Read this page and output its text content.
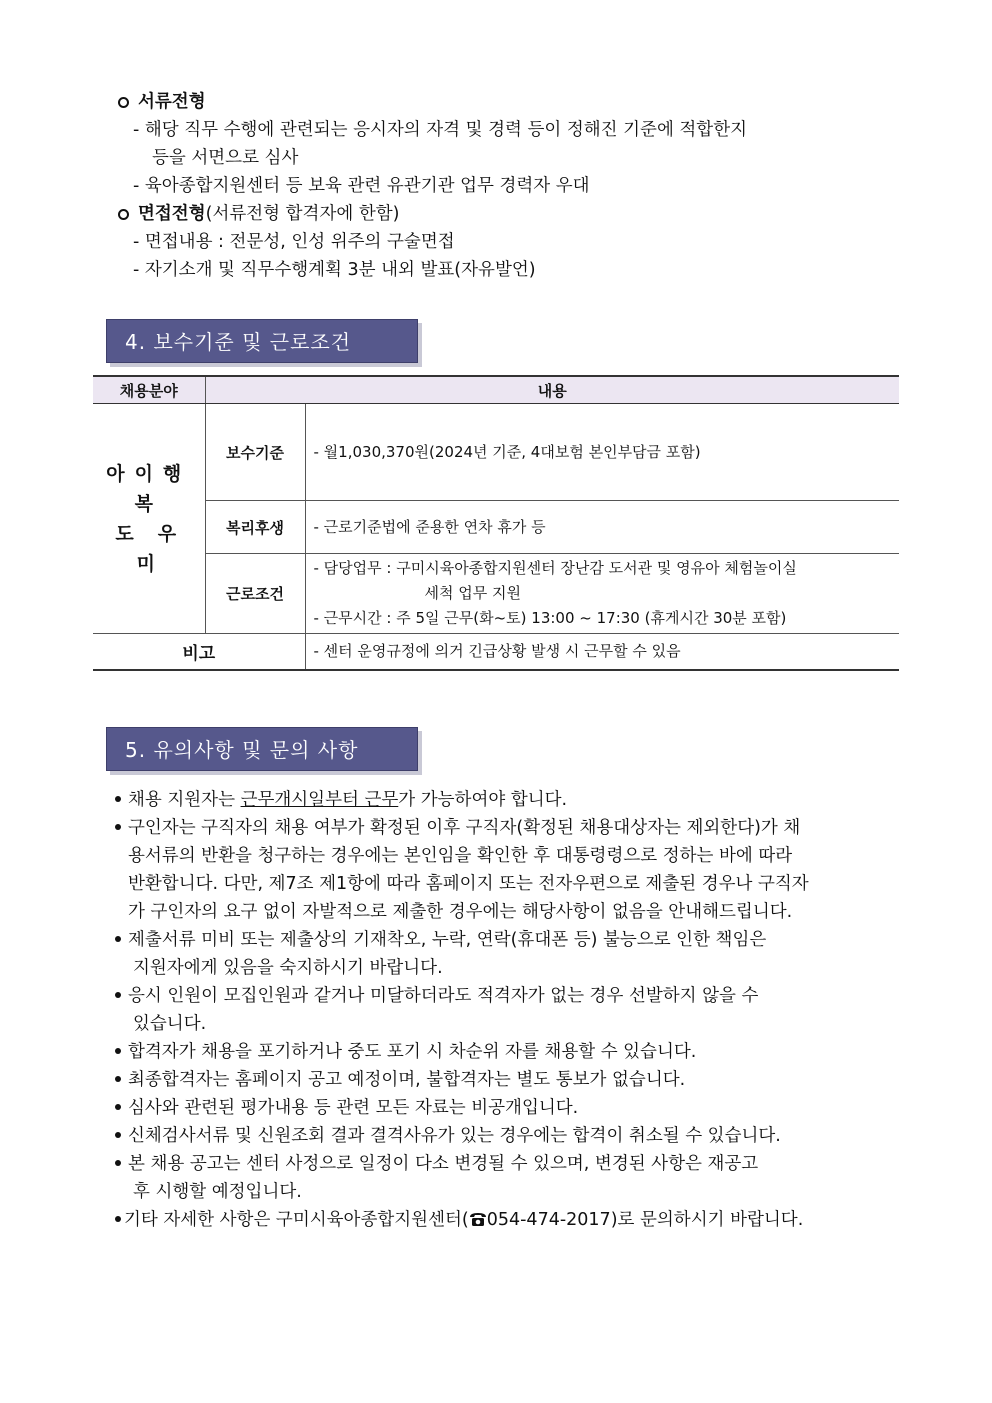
서류전형
- 해당 직무 수행에 관련되는 응시자의 자격 및 경력 등이 정해진 기준에 적합한지
등을 서면으로 심사
- 육아종합지원센터 등 보육 관련 유관기관 업무 경력자 우대
면접전형(서류전형 합격자에 한함)
- 면접내용 : 전문성, 인성 위주의 구술면접
- 자기소개 및 직무수행계획 3분 내외 발표(자유발언)
4. 보수기준 및 근로조건
채용분야	내용	

아이행복
도우미	보수기준	- 월1,030,370원(2024년 기준, 4대보험 본인부담금 포함)
	복리후생	- 근로기준법에 준용한 연차 휴가 등
	근로조건	- 담당업무 : 구미시육아종합지원센터 장난감 도서관 및 영유아 체험놀이실
세척 업무 지원
- 근무시간 : 주 5일 근무(화~토) 13:00 ~ 17:30 (휴게시간 30분 포함)

비고		- 센터 운영규정에 의거 긴급상황 발생 시 근무할 수 있음
5. 유의사항 및 문의 사항
채용 지원자는 근무개시일부터 근무가 가능하여야 합니다.
구인자는 구직자의 채용 여부가 확정된 이후 구직자(확정된 채용대상자는 제외한다)가 채
용서류의 반환을 청구하는 경우에는 본인임을 확인한 후 대통령령으로 정하는 바에 따라
반환합니다. 다만, 제7조 제1항에 따라 홈페이지 또는 전자우편으로 제출된 경우나 구직자
가 구인자의 요구 없이 자발적으로 제출한 경우에는 해당사항이 없음을 안내해드립니다.
제출서류 미비 또는 제출상의 기재착오, 누락, 연락(휴대폰 등) 불능으로 인한 책임은
지원자에게 있음을 숙지하시기 바랍니다.
응시 인원이 모집인원과 같거나 미달하더라도 적격자가 없는 경우 선발하지 않을 수
있습니다.
합격자가 채용을 포기하거나 중도 포기 시 차순위 자를 채용할 수 있습니다.
최종합격자는 홈페이지 공고 예정이며, 불합격자는 별도 통보가 없습니다.
심사와 관련된 평가내용 등 관련 모든 자료는 비공개입니다.
신체검사서류 및 신원조회 결과 결격사유가 있는 경우에는 합격이 취소될 수 있습니다.
본 채용 공고는 센터 사정으로 일정이 다소 변경될 수 있으며, 변경된 사항은 재공고
후 시행할 예정입니다.
기타 자세한 사항은 구미시육아종합지원센터( 054-474-2017)로 문의하시기 바랍니다.
